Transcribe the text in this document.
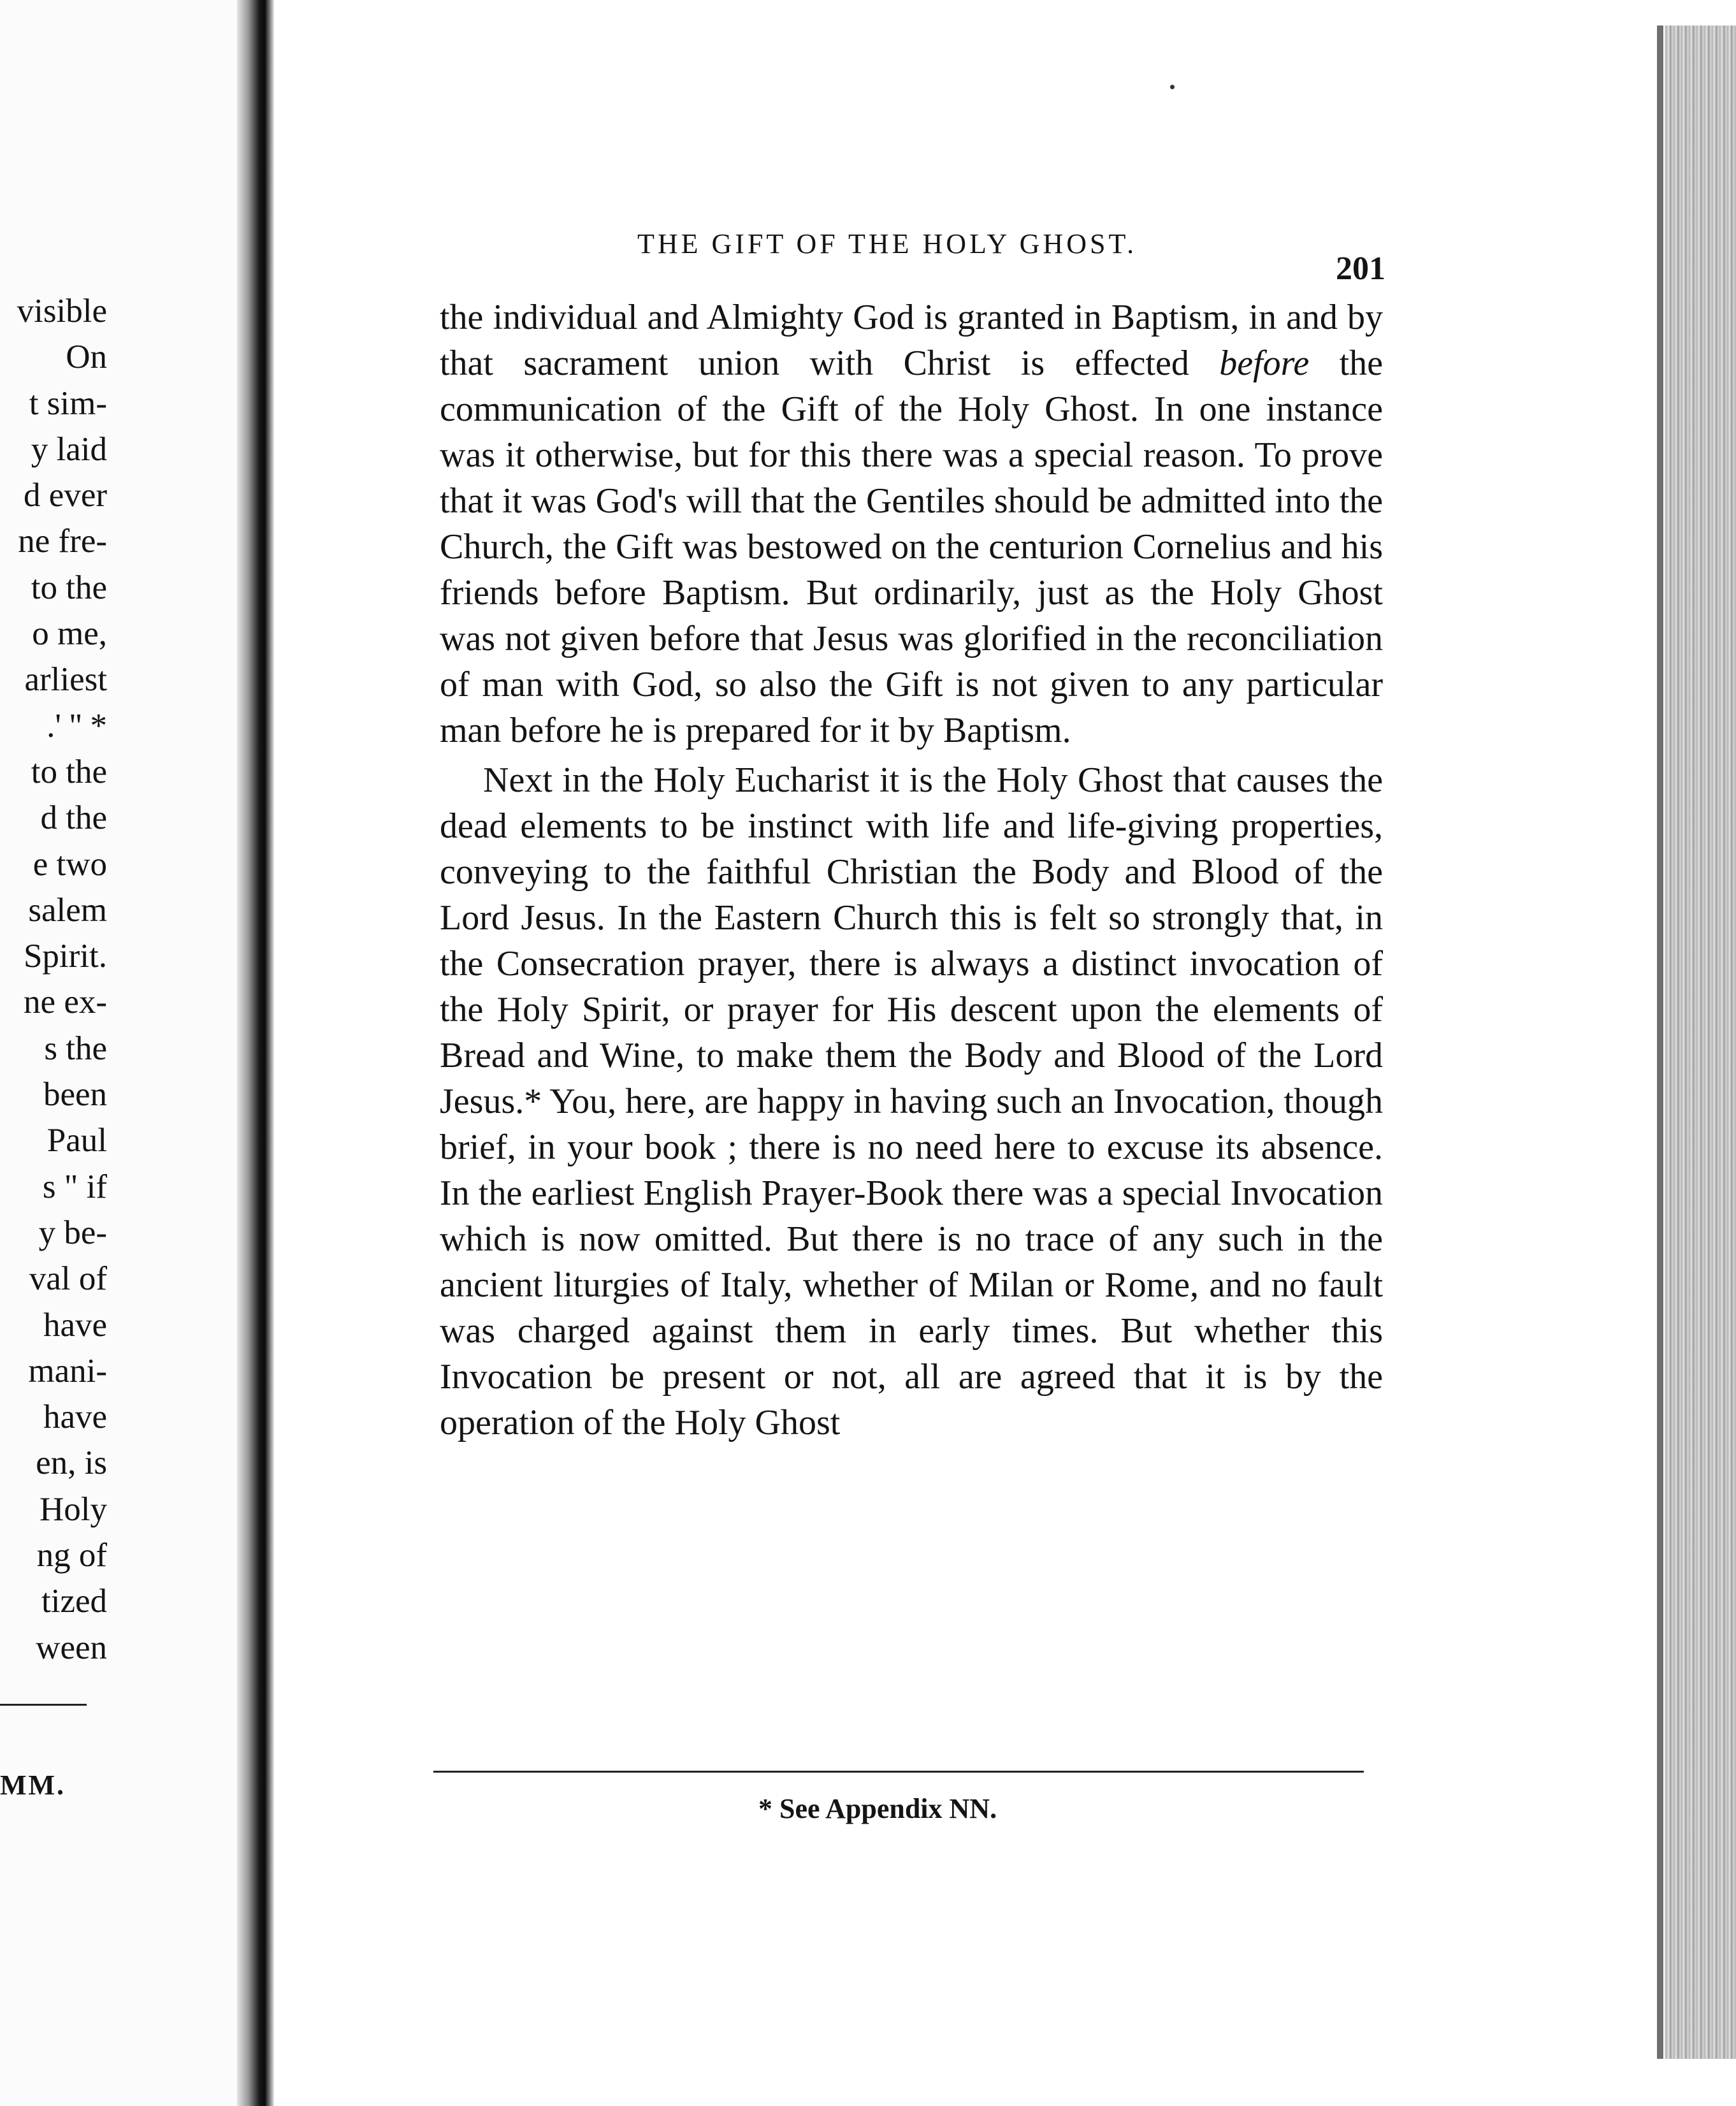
visible
On
t sim-
y laid
d ever
ne fre-
to the
o me,
arliest
.' '' *
to the
d the
e two
salem
Spirit.
ne ex-
s the
been
Paul
s " if
y be-
val of
have
mani-
have
en, is
Holy
ng of
tized
ween
MM.
THE GIFT OF THE HOLY GHOST.
201

the individual and Almighty God is granted in Baptism, in and by that sacrament union with Christ is effected before the communication of the Gift of the Holy Ghost. In one instance was it otherwise, but for this there was a special reason. To prove that it was God's will that the Gentiles should be admitted into the Church, the Gift was bestowed on the centurion Cornelius and his friends before Baptism. But ordinarily, just as the Holy Ghost was not given before that Jesus was glorified in the reconciliation of man with God, so also the Gift is not given to any particular man before he is prepared for it by Baptism.

Next in the Holy Eucharist it is the Holy Ghost that causes the dead elements to be instinct with life and life-giving properties, conveying to the faithful Christian the Body and Blood of the Lord Jesus. In the Eastern Church this is felt so strongly that, in the Consecration prayer, there is always a distinct invocation of the Holy Spirit, or prayer for His descent upon the elements of Bread and Wine, to make them the Body and Blood of the Lord Jesus.* You, here, are happy in having such an Invocation, though brief, in your book ; there is no need here to excuse its absence. In the earliest English Prayer-Book there was a special Invocation which is now omitted. But there is no trace of any such in the ancient liturgies of Italy, whether of Milan or Rome, and no fault was charged against them in early times. But whether this Invocation be present or not, all are agreed that it is by the operation of the Holy Ghost

* See Appendix NN.
